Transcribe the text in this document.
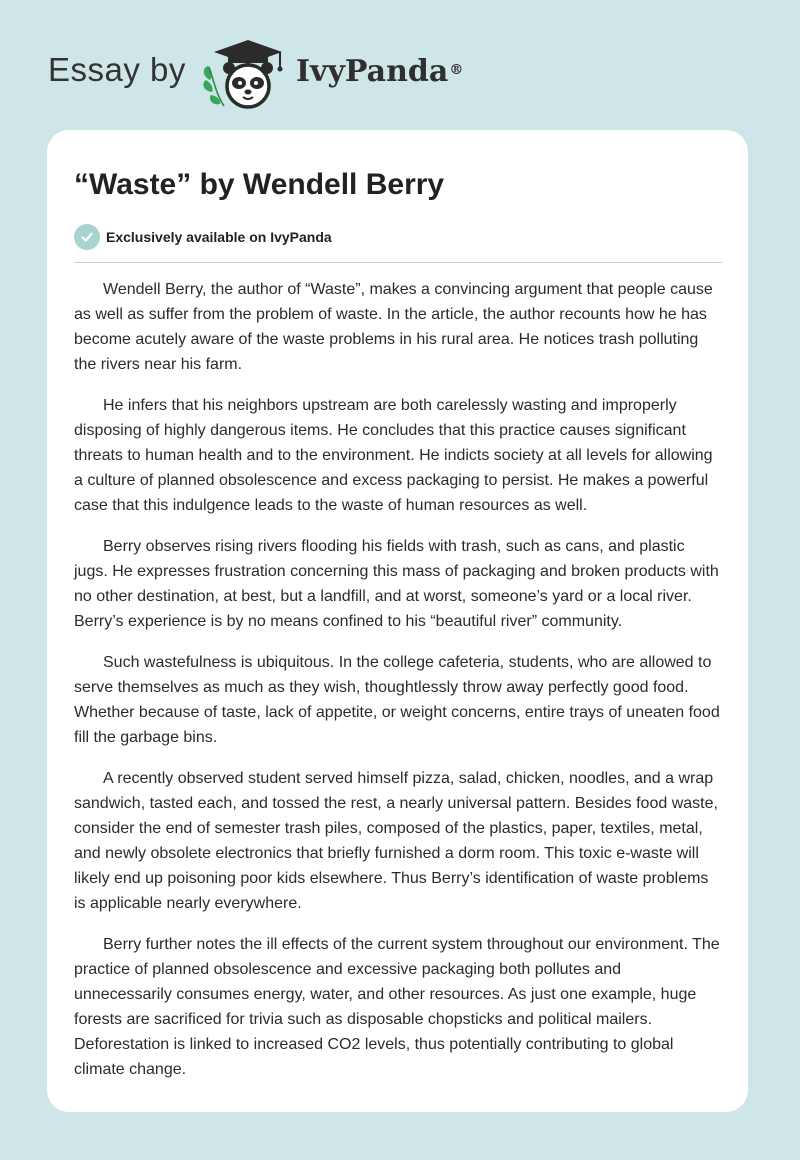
Essay by	IvyPanda®
“Waste” by Wendell Berry
Exclusively available on IvyPanda

Wendell Berry, the author of “Waste”, makes a convincing argument that people cause as well as suffer from the problem of waste. In the article, the author recounts how he has become acutely aware of the waste problems in his rural area. He notices trash polluting the rivers near his farm.

He infers that his neighbors upstream are both carelessly wasting and improperly disposing of highly dangerous items. He concludes that this practice causes significant threats to human health and to the environment. He indicts society at all levels for allowing a culture of planned obsolescence and excess packaging to persist. He makes a powerful case that this indulgence leads to the waste of human resources as well.

Berry observes rising rivers flooding his fields with trash, such as cans, and plastic jugs. He expresses frustration concerning this mass of packaging and broken products with no other destination, at best, but a landfill, and at worst, someone’s yard or a local river. Berry’s experience is by no means confined to his “beautiful river” community.

Such wastefulness is ubiquitous. In the college cafeteria, students, who are allowed to serve themselves as much as they wish, thoughtlessly throw away perfectly good food. Whether because of taste, lack of appetite, or weight concerns, entire trays of uneaten food fill the garbage bins.

A recently observed student served himself pizza, salad, chicken, noodles, and a wrap sandwich, tasted each, and tossed the rest, a nearly universal pattern. Besides food waste, consider the end of semester trash piles, composed of the plastics, paper, textiles, metal, and newly obsolete electronics that briefly furnished a dorm room. This toxic e-waste will likely end up poisoning poor kids elsewhere. Thus Berry’s identification of waste problems is applicable nearly everywhere.

Berry further notes the ill effects of the current system throughout our environment. The practice of planned obsolescence and excessive packaging both pollutes and unnecessarily consumes energy, water, and other resources. As just one example, huge forests are sacrificed for trivia such as disposable chopsticks and political mailers. Deforestation is linked to increased CO2 levels, thus potentially contributing to global climate change.
